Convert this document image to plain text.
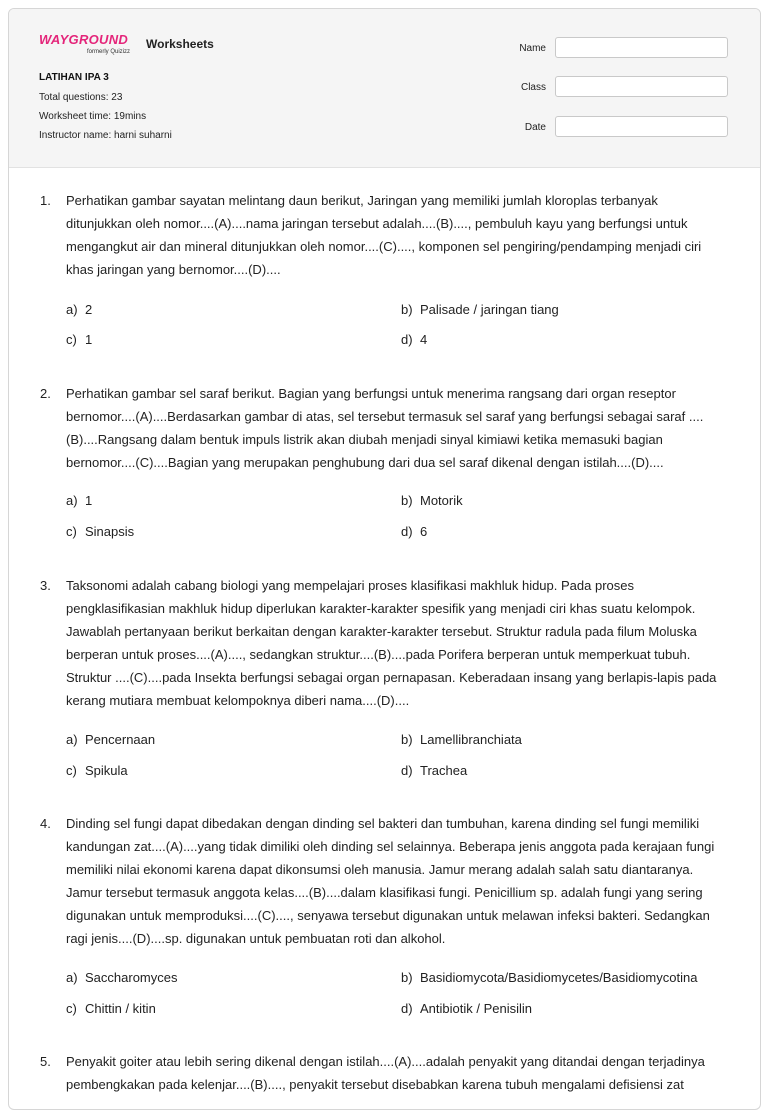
WAYGROUND
formerly Quizizz
Worksheets
LATIHAN IPA 3
Total questions: 23
Worksheet time: 19mins
Instructor name: harni suharni
Name
Class
Date
1. Perhatikan gambar sayatan melintang daun berikut, Jaringan yang memiliki jumlah kloroplas terbanyak ditunjukkan oleh nomor....(A)....nama jaringan tersebut adalah....(B)...., pembuluh kayu yang berfungsi untuk mengangkut air dan mineral ditunjukkan oleh nomor....(C)...., komponen sel pengiring/pendamping menjadi ciri khas jaringan yang bernomor....(D)....
a) 2	b) Palisade / jaringan tiang
c) 1	d) 4
2. Perhatikan gambar sel saraf berikut. Bagian yang berfungsi untuk menerima rangsang dari organ reseptor bernomor....(A)....Berdasarkan gambar di atas, sel tersebut termasuk sel saraf yang berfungsi sebagai saraf ....(B)....Rangsang dalam bentuk impuls listrik akan diubah menjadi sinyal kimiawi ketika memasuki bagian bernomor....(C)....Bagian yang merupakan penghubung dari dua sel saraf dikenal dengan istilah....(D)....
a) 1	b) Motorik
c) Sinapsis	d) 6
3. Taksonomi adalah cabang biologi yang mempelajari proses klasifikasi makhluk hidup. Pada proses pengklasifikasian makhluk hidup diperlukan karakter-karakter spesifik yang menjadi ciri khas suatu kelompok. Jawablah pertanyaan berikut berkaitan dengan karakter-karakter tersebut. Struktur radula pada filum Moluska berperan untuk proses....(A)...., sedangkan struktur....(B)....pada Porifera berperan untuk memperkuat tubuh. Struktur ....(C)....pada Insekta berfungsi sebagai organ pernapasan. Keberadaan insang yang berlapis-lapis pada kerang mutiara membuat kelompoknya diberi nama....(D)....
a) Pencernaan	b) Lamellibranchiata
c) Spikula	d) Trachea
4. Dinding sel fungi dapat dibedakan dengan dinding sel bakteri dan tumbuhan, karena dinding sel fungi memiliki kandungan zat....(A)....yang tidak dimiliki oleh dinding sel selainnya. Beberapa jenis anggota pada kerajaan fungi memiliki nilai ekonomi karena dapat dikonsumsi oleh manusia. Jamur merang adalah salah satu diantaranya. Jamur tersebut termasuk anggota kelas....(B)....dalam klasifikasi fungi. Penicillium sp. adalah fungi yang sering digunakan untuk memproduksi....(C)...., senyawa tersebut digunakan untuk melawan infeksi bakteri. Sedangkan ragi jenis....(D)....sp. digunakan untuk pembuatan roti dan alkohol.
a) Saccharomyces	b) Basidiomycota/Basidiomycetes/Basidiomycotina
c) Chittin / kitin	d) Antibiotik / Penisilin
5. Penyakit goiter atau lebih sering dikenal dengan istilah....(A)....adalah penyakit yang ditandai dengan terjadinya pembengkakan pada kelenjar....(B)...., penyakit tersebut disebabkan karena tubuh mengalami defisiensi zat
